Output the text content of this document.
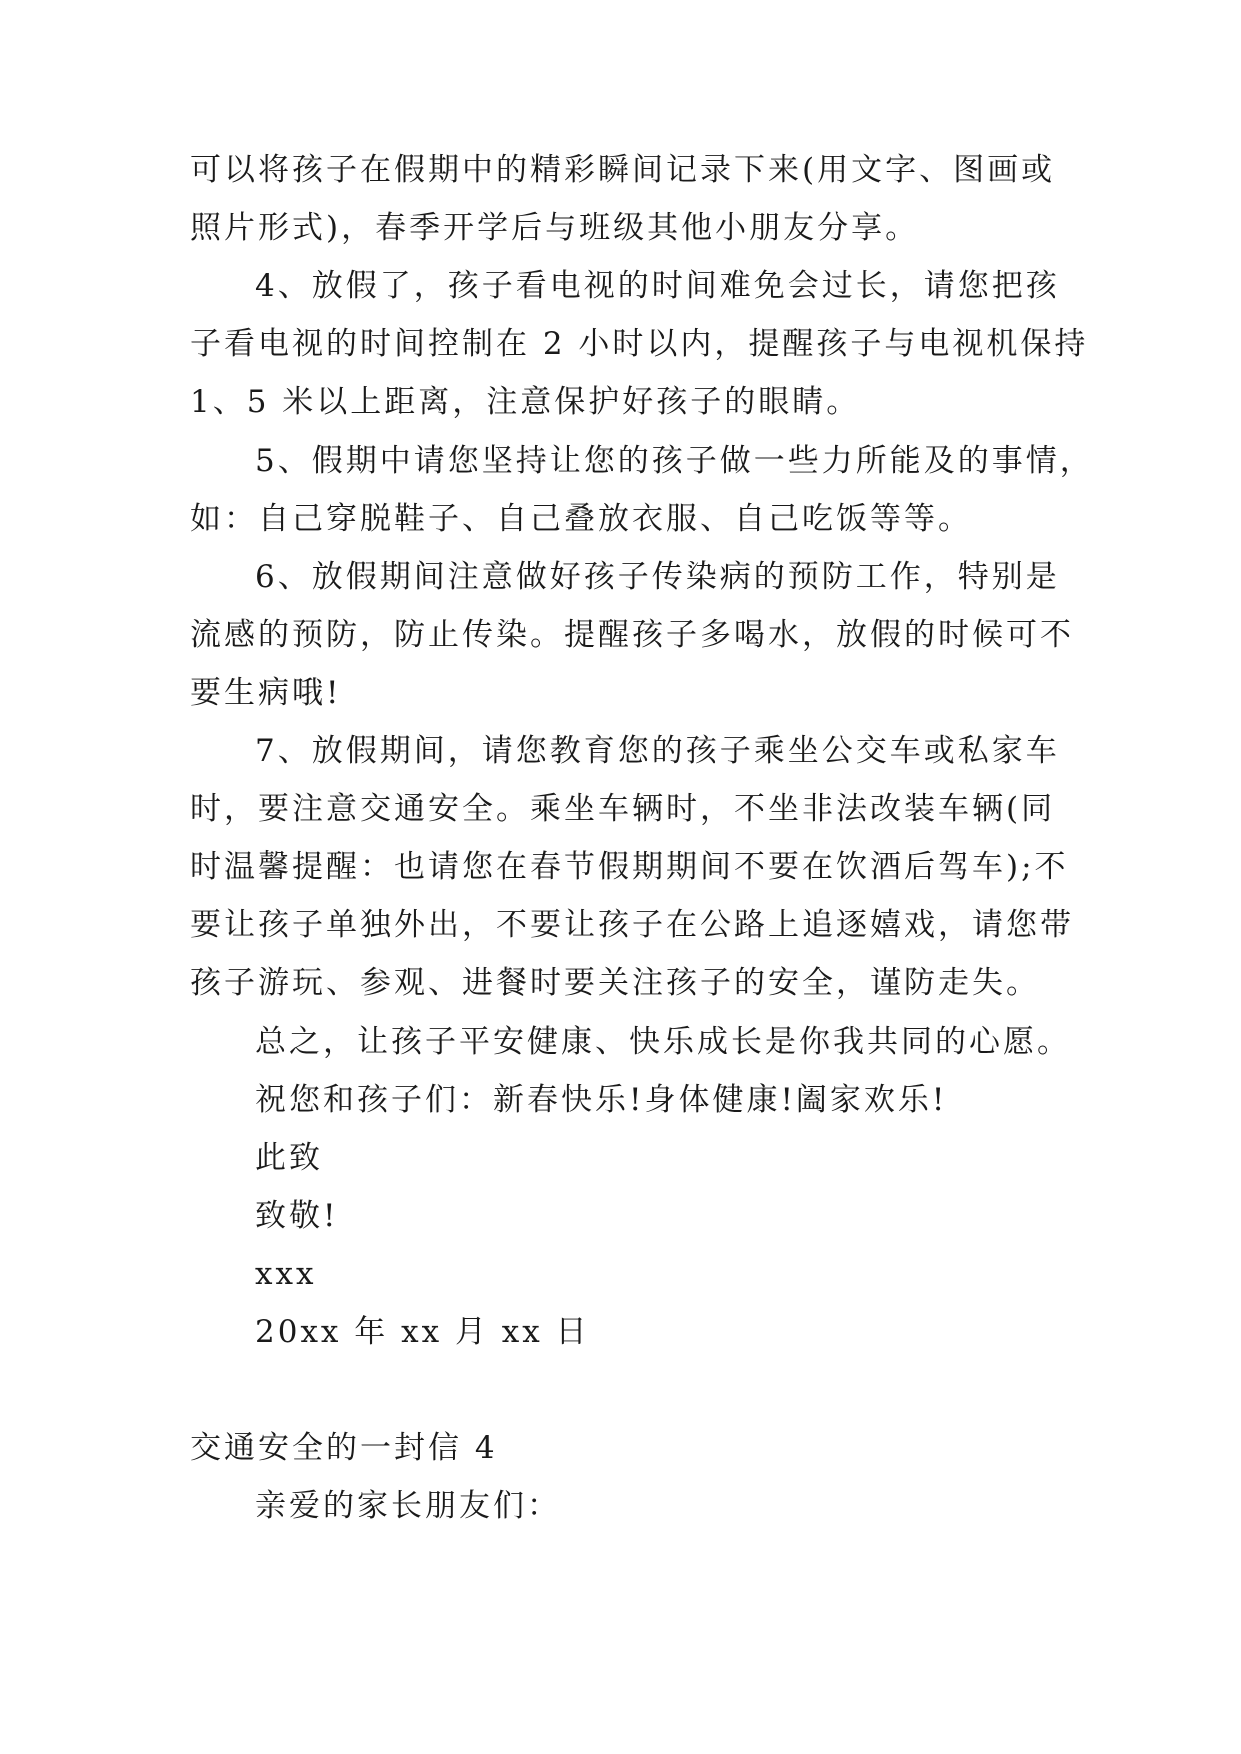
可以将孩子在假期中的精彩瞬间记录下来(用文字、图画或
照片形式)，春季开学后与班级其他小朋友分享。
4、放假了，孩子看电视的时间难免会过长，请您把孩
子看电视的时间控制在 2 小时以内，提醒孩子与电视机保持
1、5 米以上距离，注意保护好孩子的眼睛。
5、假期中请您坚持让您的孩子做一些力所能及的事情，
如：自己穿脱鞋子、自己叠放衣服、自己吃饭等等。
6、放假期间注意做好孩子传染病的预防工作，特别是
流感的预防，防止传染。提醒孩子多喝水，放假的时候可不
要生病哦!
7、放假期间，请您教育您的孩子乘坐公交车或私家车
时，要注意交通安全。乘坐车辆时，不坐非法改装车辆(同
时温馨提醒：也请您在春节假期期间不要在饮酒后驾车);不
要让孩子单独外出，不要让孩子在公路上追逐嬉戏，请您带
孩子游玩、参观、进餐时要关注孩子的安全，谨防走失。
总之，让孩子平安健康、快乐成长是你我共同的心愿。
祝您和孩子们：新春快乐!身体健康!阖家欢乐!
此致
致敬!
xxx
20xx 年 xx 月 xx 日
交通安全的一封信 4
亲爱的家长朋友们：
